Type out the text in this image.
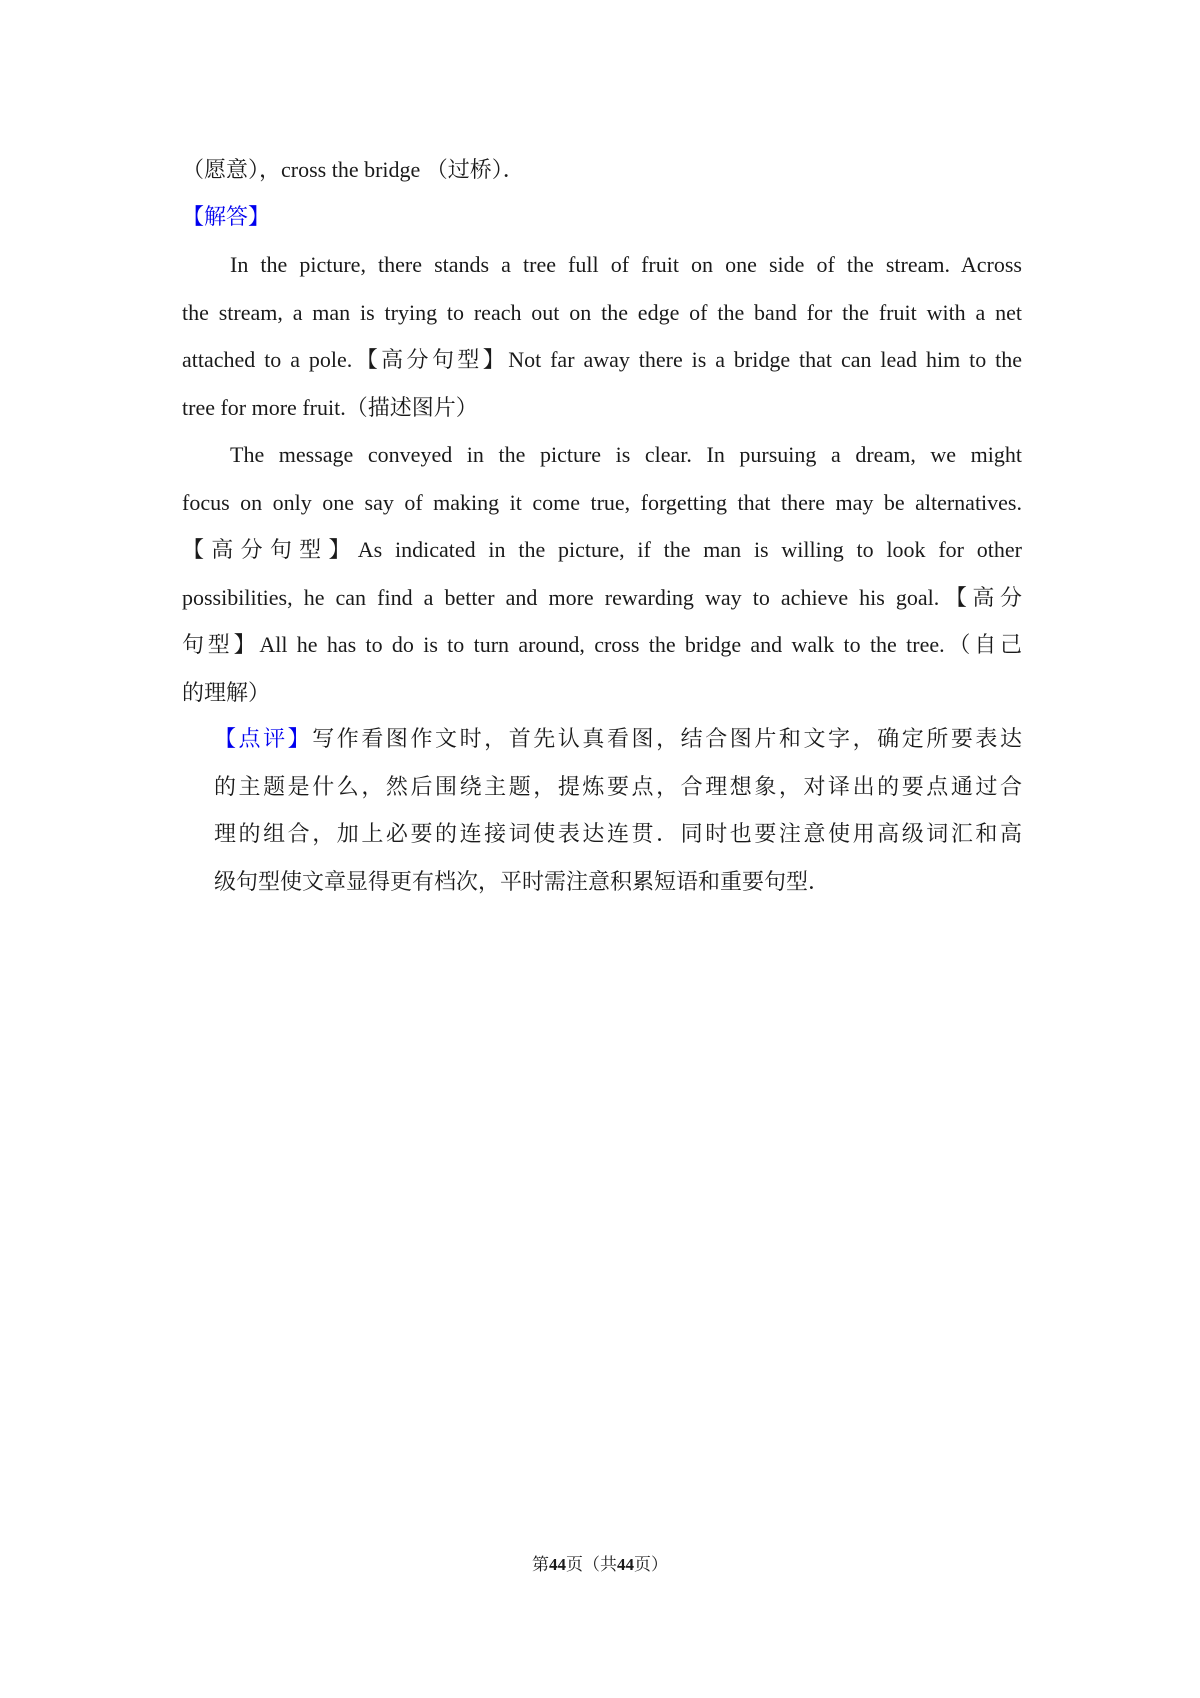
（愿意），cross the bridge （过桥）．

【解答】

In the picture, there stands a tree full of fruit on one side of the stream. Across

the stream, a man is trying to reach out on the edge of the band for the fruit with a net

attached to a pole.【高分句型】Not far away there is a bridge that can lead him to the

tree for more fruit.（描述图片）

The message conveyed in the picture is clear. In pursuing a dream, we might

focus on only one say of making it come true, forgetting that there may be alternatives.

【高分句型】As indicated in the picture, if the man is willing to look for other

possibilities, he can find a better and more rewarding way to achieve his goal.【高分

句型】All he has to do is to turn around, cross the bridge and walk to the tree.（自己

的理解）

【点评】写作看图作文时，首先认真看图，结合图片和文字，确定所要表达

的主题是什么，然后围绕主题，提炼要点，合理想象，对译出的要点通过合

理的组合，加上必要的连接词使表达连贯．同时也要注意使用高级词汇和高

级句型使文章显得更有档次，平时需注意积累短语和重要句型．

第44页（共44页）
